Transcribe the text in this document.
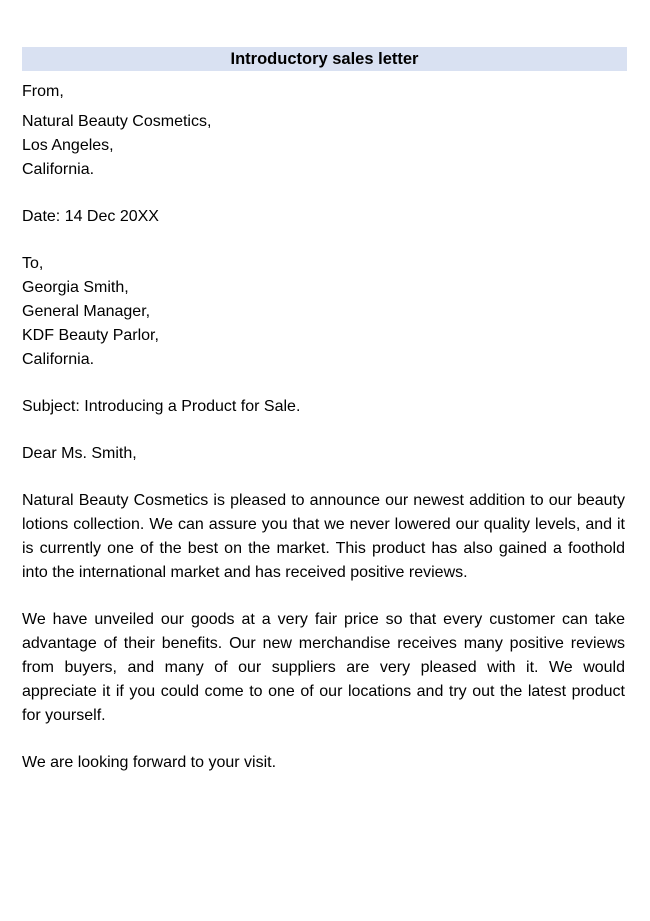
Introductory sales letter
From,
Natural Beauty Cosmetics,
Los Angeles,
California.
Date: 14 Dec 20XX
To,
Georgia Smith,
General Manager,
KDF Beauty Parlor,
California.
Subject: Introducing a Product for Sale.
Dear Ms. Smith,

Natural Beauty Cosmetics is pleased to announce our newest addition to our beauty lotions collection. We can assure you that we never lowered our quality levels, and it is currently one of the best on the market. This product has also gained a foothold into the international market and has received positive reviews.

We have unveiled our goods at a very fair price so that every customer can take advantage of their benefits. Our new merchandise receives many positive reviews from buyers, and many of our suppliers are very pleased with it. We would appreciate it if you could come to one of our locations and try out the latest product for yourself.

We are looking forward to your visit.
